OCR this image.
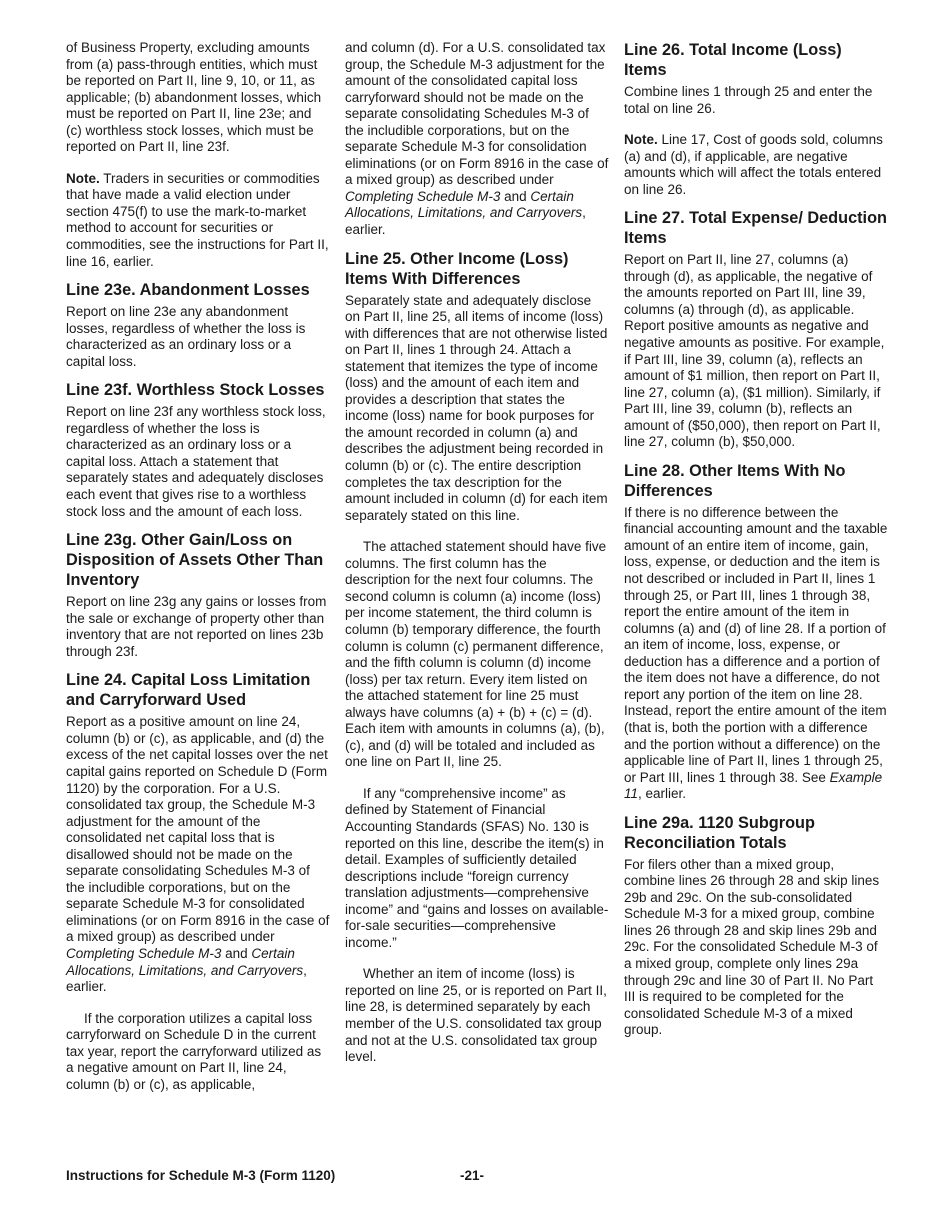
of Business Property, excluding amounts from (a) pass-through entities, which must be reported on Part II, line 9, 10, or 11, as applicable; (b) abandonment losses, which must be reported on Part II, line 23e; and (c) worthless stock losses, which must be reported on Part II, line 23f.

Note. Traders in securities or commodities that have made a valid election under section 475(f) to use the mark-to-market method to account for securities or commodities, see the instructions for Part II, line 16, earlier.

Line 23e. Abandonment Losses

Report on line 23e any abandonment losses, regardless of whether the loss is characterized as an ordinary loss or a capital loss.

Line 23f. Worthless Stock Losses

Report on line 23f any worthless stock loss, regardless of whether the loss is characterized as an ordinary loss or a capital loss. Attach a statement that separately states and adequately discloses each event that gives rise to a worthless stock loss and the amount of each loss.

Line 23g. Other Gain/Loss on Disposition of Assets Other Than Inventory

Report on line 23g any gains or losses from the sale or exchange of property other than inventory that are not reported on lines 23b through 23f.

Line 24. Capital Loss Limitation and Carryforward Used

Report as a positive amount on line 24, column (b) or (c), as applicable, and (d) the excess of the net capital losses over the net capital gains reported on Schedule D (Form 1120) by the corporation. For a U.S. consolidated tax group, the Schedule M-3 adjustment for the amount of the consolidated net capital loss that is disallowed should not be made on the separate consolidating Schedules M-3 of the includible corporations, but on the separate Schedule M-3 for consolidated eliminations (or on Form 8916 in the case of a mixed group) as described under Completing Schedule M-3 and Certain Allocations, Limitations, and Carryovers, earlier.

If the corporation utilizes a capital loss carryforward on Schedule D in the current tax year, report the carryforward utilized as a negative amount on Part II, line 24, column (b) or (c), as applicable,

and column (d). For a U.S. consolidated tax group, the Schedule M-3 adjustment for the amount of the consolidated capital loss carryforward should not be made on the separate consolidating Schedules M-3 of the includible corporations, but on the separate Schedule M-3 for consolidation eliminations (or on Form 8916 in the case of a mixed group) as described under Completing Schedule M-3 and Certain Allocations, Limitations, and Carryovers, earlier.

Line 25. Other Income (Loss) Items With Differences

Separately state and adequately disclose on Part II, line 25, all items of income (loss) with differences that are not otherwise listed on Part II, lines 1 through 24. Attach a statement that itemizes the type of income (loss) and the amount of each item and provides a description that states the income (loss) name for book purposes for the amount recorded in column (a) and describes the adjustment being recorded in column (b) or (c). The entire description completes the tax description for the amount included in column (d) for each item separately stated on this line.

The attached statement should have five columns. The first column has the description for the next four columns. The second column is column (a) income (loss) per income statement, the third column is column (b) temporary difference, the fourth column is column (c) permanent difference, and the fifth column is column (d) income (loss) per tax return. Every item listed on the attached statement for line 25 must always have columns (a) + (b) + (c) = (d). Each item with amounts in columns (a), (b), (c), and (d) will be totaled and included as one line on Part II, line 25.

If any “comprehensive income” as defined by Statement of Financial Accounting Standards (SFAS) No. 130 is reported on this line, describe the item(s) in detail. Examples of sufficiently detailed descriptions include “foreign currency translation adjustments—comprehensive income” and “gains and losses on available-for-sale securities—comprehensive income.”

Whether an item of income (loss) is reported on line 25, or is reported on Part II, line 28, is determined separately by each member of the U.S. consolidated tax group and not at the U.S. consolidated tax group level.

Line 26. Total Income (Loss) Items

Combine lines 1 through 25 and enter the total on line 26.

Note. Line 17, Cost of goods sold, columns (a) and (d), if applicable, are negative amounts which will affect the totals entered on line 26.

Line 27. Total Expense/ Deduction Items

Report on Part II, line 27, columns (a) through (d), as applicable, the negative of the amounts reported on Part III, line 39, columns (a) through (d), as applicable. Report positive amounts as negative and negative amounts as positive. For example, if Part III, line 39, column (a), reflects an amount of $1 million, then report on Part II, line 27, column (a), ($1 million). Similarly, if Part III, line 39, column (b), reflects an amount of ($50,000), then report on Part II, line 27, column (b), $50,000.

Line 28. Other Items With No Differences

If there is no difference between the financial accounting amount and the taxable amount of an entire item of income, gain, loss, expense, or deduction and the item is not described or included in Part II, lines 1 through 25, or Part III, lines 1 through 38, report the entire amount of the item in columns (a) and (d) of line 28. If a portion of an item of income, loss, expense, or deduction has a difference and a portion of the item does not have a difference, do not report any portion of the item on line 28. Instead, report the entire amount of the item (that is, both the portion with a difference and the portion without a difference) on the applicable line of Part II, lines 1 through 25, or Part III, lines 1 through 38. See Example 11, earlier.

Line 29a. 1120 Subgroup Reconciliation Totals

For filers other than a mixed group, combine lines 26 through 28 and skip lines 29b and 29c. On the sub-consolidated Schedule M-3 for a mixed group, combine lines 26 through 28 and skip lines 29b and 29c. For the consolidated Schedule M-3 of a mixed group, complete only lines 29a through 29c and line 30 of Part II. No Part III is required to be completed for the consolidated Schedule M-3 of a mixed group.

Instructions for Schedule M-3 (Form 1120)	-21-
